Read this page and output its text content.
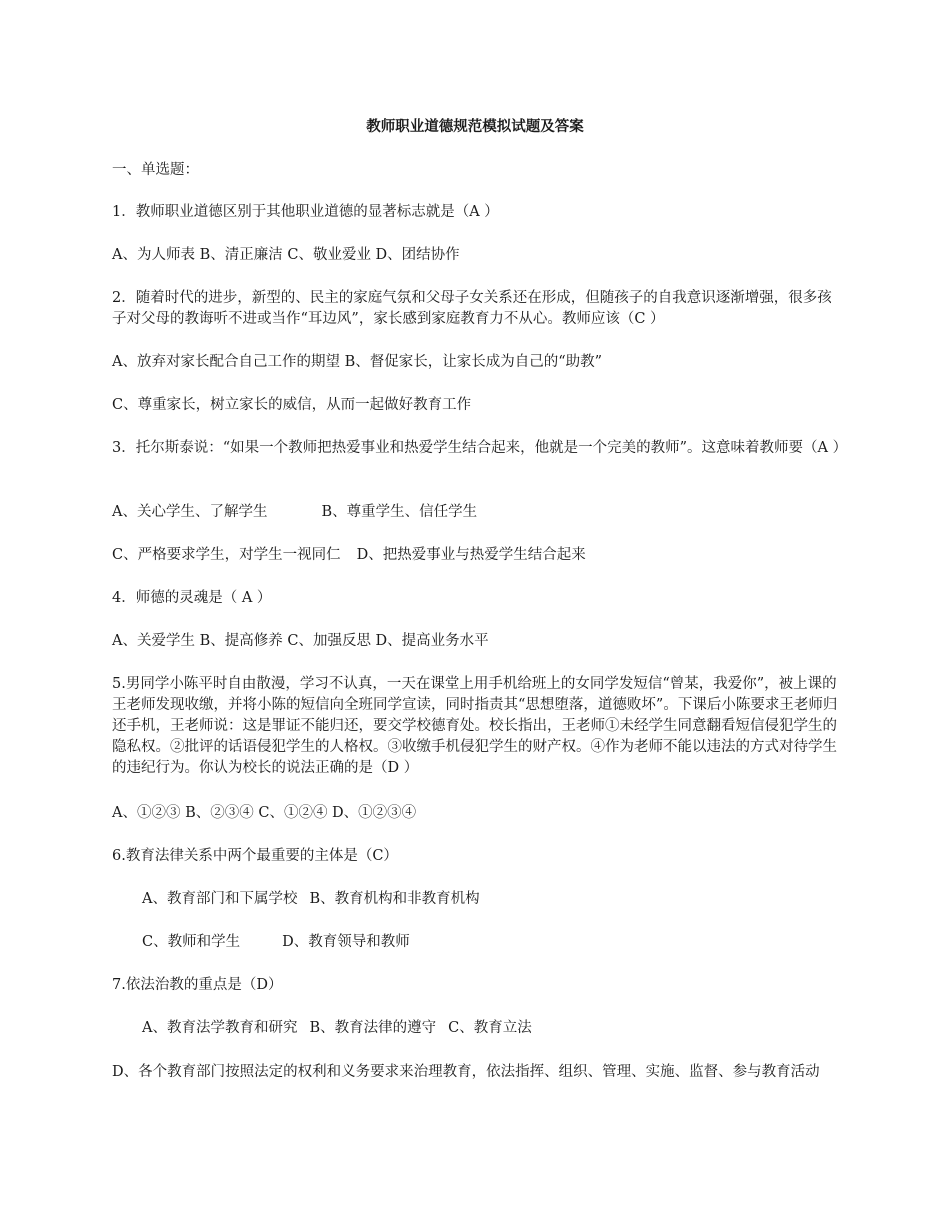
教师职业道德规范模拟试题及答案
一、单选题：
1．教师职业道德区别于其他职业道德的显著标志就是（A ）
A、为人师表 B、清正廉洁 C、敬业爱业 D、团结协作
2．随着时代的进步，新型的、民主的家庭气氛和父母子女关系还在形成，但随孩子的自我意识逐渐增强，很多孩子对父母的教诲听不进或当作“耳边风”，家长感到家庭教育力不从心。教师应该（C ）
A、放弃对家长配合自己工作的期望 B、督促家长，让家长成为自己的“助教”
C、尊重家长，树立家长的威信，从而一起做好教育工作
3．托尔斯泰说：“如果一个教师把热爱事业和热爱学生结合起来，他就是一个完美的教师”。这意味着教师要（A ）
A、关心学生、了解学生	B、尊重学生、信任学生
C、严格要求学生，对学生一视同仁 D、把热爱事业与热爱学生结合起来
4．师德的灵魂是（ A ）
A、关爱学生 B、提高修养 C、加强反思 D、提高业务水平
5.男同学小陈平时自由散漫，学习不认真，一天在课堂上用手机给班上的女同学发短信“曾某，我爱你”，被上课的王老师发现收缴，并将小陈的短信向全班同学宣读，同时指责其“思想堕落，道德败坏”。下课后小陈要求王老师归还手机，王老师说：这是罪证不能归还，要交学校德育处。校长指出，王老师①未经学生同意翻看短信侵犯学生的隐私权。②批评的话语侵犯学生的人格权。③收缴手机侵犯学生的财产权。④作为老师不能以违法的方式对待学生的违纪行为。你认为校长的说法正确的是（D ）
A、①②③ B、②③④ C、①②④ D、①②③④
6.教育法律关系中两个最重要的主体是（C）
A、教育部门和下属学校 B、教育机构和非教育机构
C、教师和学生	D、教育领导和教师
7.依法治教的重点是（D）
A、教育法学教育和研究 B、教育法律的遵守 C、教育立法
D、各个教育部门按照法定的权利和义务要求来治理教育，依法指挥、组织、管理、实施、监督、参与教育活动
